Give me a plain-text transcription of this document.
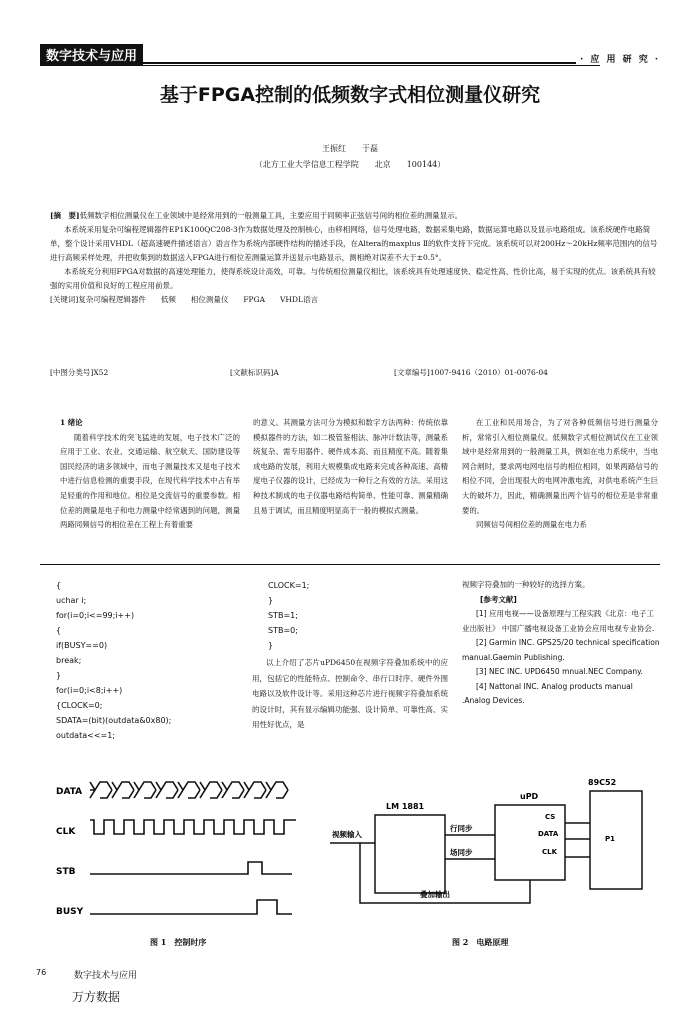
数字技术与应用	· 应 用 研 究 ·
基于FPGA控制的低频数字式相位测量仪研究
王振红　　于磊
（北方工业大学信息工程学院　　北京　　100144）

[摘　要]低频数字相位测量仪在工业领域中是经常用到的一般测量工具，主要应用于同频率正弦信号间的相位差的测量显示。

本系统采用复杂可编程逻辑器件EP1K100QC208-3作为数据处理及控制核心，由移相网络，信号处理电路，数据采集电路，数据运算电路以及显示电路组成。该系统硬件电路简单，整个设计采用VHDL（超高速硬件描述语言）语言作为系统内部硬件结构的描述手段，在Altera的maxplus Ⅱ的软件支持下完成。该系统可以对200Hz～20kHz频率范围内的信号进行高频采样处理，并把收集到的数据送入FPGA进行相位差测量运算并送显示电路显示，测相绝对误差不大于±0.5°。

本系统充分利用FPGA对数据的高速处理能力，使得系统设计高效，可靠。与传统相位测量仪相比，该系统具有处理速度快、稳定性高、性价比高，易于实现的优点。该系统具有较强的实用价值和良好的工程应用前景。

[关键词]复杂可编程逻辑器件　　低频　　相位测量仪　　FPGA　　VHDL语言

[中图分类号]X52	[文献标识码]A	[文章编号]1007-9416（2010）01-0076-04

1 绪论

随着科学技术的突飞猛进的发展，电子技术广泛的应用于工业、农业、交通运输、航空航天、国防建设等国民经济的诸多领域中，而电子测量技术又是电子技术中进行信息检测的重要手段，在现代科学技术中占有举足轻重的作用和地位。相位是交流信号的重要参数。相位差的测量是电子和电力测量中经常遇到的问题，测量两路同频信号的相位差在工程上有着重要

的意义。其测量方法可分为模拟和数字方法两种：传统依靠模拟器件的方法，如二极管鉴相法、脉冲计数法等，测量系统复杂、需专用器件、硬件成本高、而且精度不高。随着集成电路的发展，利用大规模集成电路来完成各种高速、高精度电子仪器的设计，已经成为一种行之有效的方法。采用这种技术制成的电子仪器电路结构简单、性能可靠、测量精确且易于调试，而且精度明显高于一般的模拟式测量。

在工业和民用场合，为了对各种低频信号进行测量分析，常常引入相位测量仪。低频数字式相位测试仪在工业领域中是经常用到的一般测量工具，例如在电力系统中，当电网合闸时，要求两电网电信号的相位相同，如果两路信号的相位不同，会出现很大的电网冲激电流，对供电系统产生巨大的破坏力，因此，精确测量出两个信号的相位差是非常重要的。

同频信号间相位差的测量在电力系

{
uchar i;
for(i=0;i<=99;i++)
{
if(BUSY==0)
break;
}
for(i=0;i<8;i++)
{CLOCK=0;
SDATA=(bit)(outdata&0x80);
outdata<<=1;
CLOCK=1;
}
STB=1;
STB=0;
}

以上介绍了芯片uPD6450在视频字符叠加系统中的应用，包括它的性能特点、控制命令、串行口时序、硬件外围电路以及软件设计等。采用这种芯片进行视频字符叠加系统的设计时，其有显示编辑功能强、设计简单、可靠性高、实用性好优点，是

视频字符叠加的一种较好的选择方案。

[参考文献]

[1] 应用电视——设备原理与工程实践《北京：电子工业出版社》 中国广播电视设备工业协会应用电视专业协会.

[2] Garmin INC. GPS25/20 technical specification manual.Gaemin Publishing.

[3] NEC INC. UPD6450 mnual.NEC Company.

[4] Nattonal INC. Analog products manual .Analog Devices.

DATA
CLK
STB
BUSY
图 1　控制时序
LM 1881
uPD
89C52
P1
视频输入
行同步
场同步
CS
DATA
CLK
叠加输出
图 2　电路原理
76	数字技术与应用
万方数据
